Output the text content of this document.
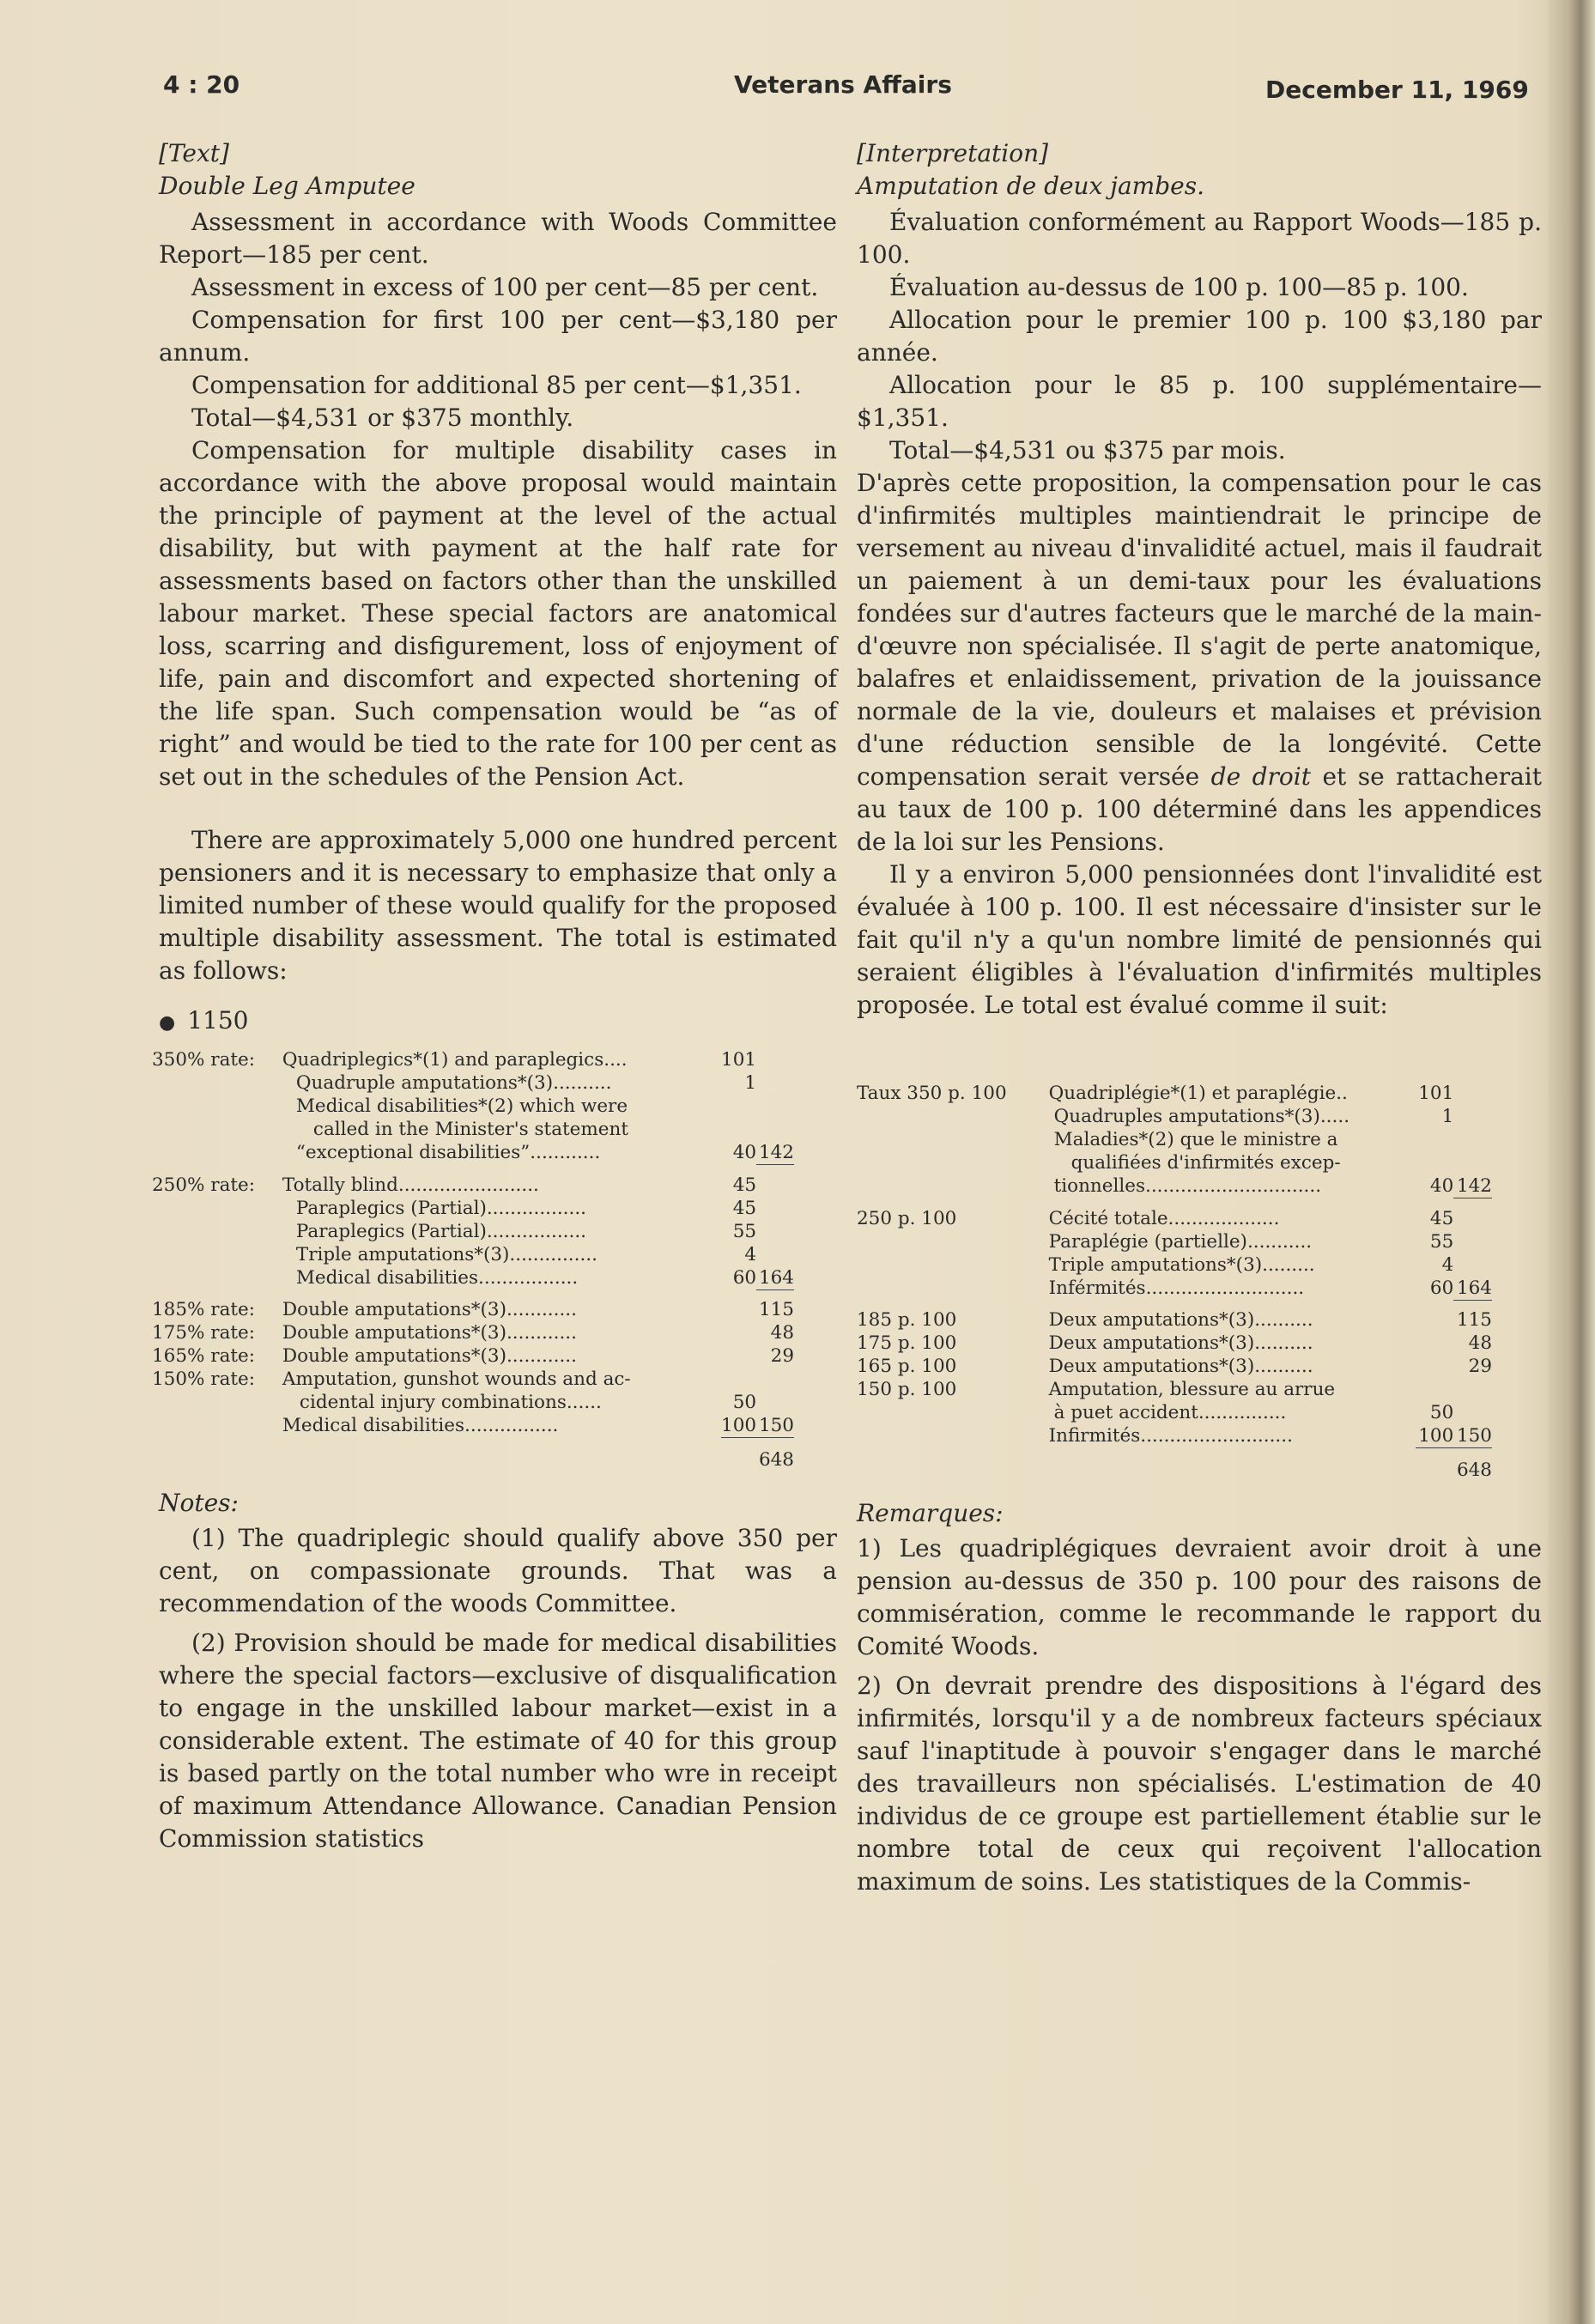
4 : 20	Veterans Affairs	December 11, 1969

[Text]

Double Leg Amputee

Assessment in accordance with Woods Committee Report—185 per cent.

Assessment in excess of 100 per cent—85 per cent.

Compensation for first 100 per cent—$3,180 per annum.

Compensation for additional 85 per cent—$1,351.

Total—$4,531 or $375 monthly.

Compensation for multiple disability cases in accordance with the above proposal would maintain the principle of payment at the level of the actual disability, but with payment at the half rate for assessments based on factors other than the unskilled labour market. These special factors are anatomical loss, scarring and disfigurement, loss of enjoyment of life, pain and discomfort and expected shortening of the life span. Such compensation would be “as of right” and would be tied to the rate for 100 per cent as set out in the schedules of the Pension Act.

There are approximately 5,000 one hundred percent pensioners and it is necessary to emphasize that only a limited number of these would qualify for the proposed multiple disability assessment. The total is estimated as follows:

● 1150
350% rate:	Quadriplegics*(1) and paraplegics....	101	
	Quadruple amputations*(3)..........	1	
	Medical disabilities*(2) which were		
	called in the Minister's statement		
	“exceptional disabilities”............	40	142

250% rate:	Totally blind........................	45	
	Paraplegics (Partial).................	45	
	Paraplegics (Partial).................	55	
	Triple amputations*(3)...............	4	
	Medical disabilities.................	60	164

185% rate:	Double amputations*(3)............		115
175% rate:	Double amputations*(3)............		48
165% rate:	Double amputations*(3)............		29
150% rate:	Amputation, gunshot wounds and ac-		
	cidental injury combinations......	50	
	Medical disabilities................	100	150

			648
Notes:

(1) The quadriplegic should qualify above 350 per cent, on compassionate grounds. That was a recommendation of the woods Committee.

(2) Provision should be made for medical disabilities where the special factors—exclusive of disqualification to engage in the unskilled labour market—exist in a considerable extent. The estimate of 40 for this group is based partly on the total number who wre in receipt of maximum Attendance Allowance. Canadian Pension Commission statistics

[Interpretation]

Amputation de deux jambes.

Évaluation conformément au Rapport Woods—185 p. 100.

Évaluation au-dessus de 100 p. 100—85 p. 100.

Allocation pour le premier 100 p. 100 $3,180 par année.

Allocation pour le 85 p. 100 supplémentaire—$1,351.

Total—$4,531 ou $375 par mois.

D'après cette proposition, la compensation pour le cas d'infirmités multiples maintiendrait le principe de versement au niveau d'invalidité actuel, mais il faudrait un paiement à un demi-taux pour les évaluations fondées sur d'autres facteurs que le marché de la main-d'œuvre non spécialisée. Il s'agit de perte anatomique, balafres et enlaidissement, privation de la jouissance normale de la vie, douleurs et malaises et prévision d'une réduction sensible de la longévité. Cette compensation serait versée de droit et se rattacherait au taux de 100 p. 100 déterminé dans les appendices de la loi sur les Pensions.

Il y a environ 5,000 pensionnées dont l'invalidité est évaluée à 100 p. 100. Il est nécessaire d'insister sur le fait qu'il n'y a qu'un nombre limité de pensionnés qui seraient éligibles à l'évaluation d'infirmités multiples proposée. Le total est évalué comme il suit:

Taux 350 p. 100	Quadriplégie*(1) et paraplégie..	101	
	Quadruples amputations*(3).....	1	
	Maladies*(2) que le ministre a		
	qualifiées d'infirmités excep-		
	tionnelles..............................	40	142

250 p. 100	Cécité totale...................	45	
	Paraplégie (partielle)...........	55	
	Triple amputations*(3).........	4	
	Inférmités...........................	60	164

185 p. 100	Deux amputations*(3)..........		115
175 p. 100	Deux amputations*(3)..........		48
165 p. 100	Deux amputations*(3)..........		29
150 p. 100	Amputation, blessure au arrue		
	à puet accident...............	50	
	Infirmités..........................	100	150

			648
Remarques:

1) Les quadriplégiques devraient avoir droit à une pension au-dessus de 350 p. 100 pour des raisons de commisération, comme le recommande le rapport du Comité Woods.

2) On devrait prendre des dispositions à l'égard des infirmités, lorsqu'il y a de nombreux facteurs spéciaux sauf l'inaptitude à pouvoir s'engager dans le marché des travailleurs non spécialisés. L'estimation de 40 individus de ce groupe est partiellement établie sur le nombre total de ceux qui reçoivent l'allocation maximum de soins. Les statistiques de la Commis-
